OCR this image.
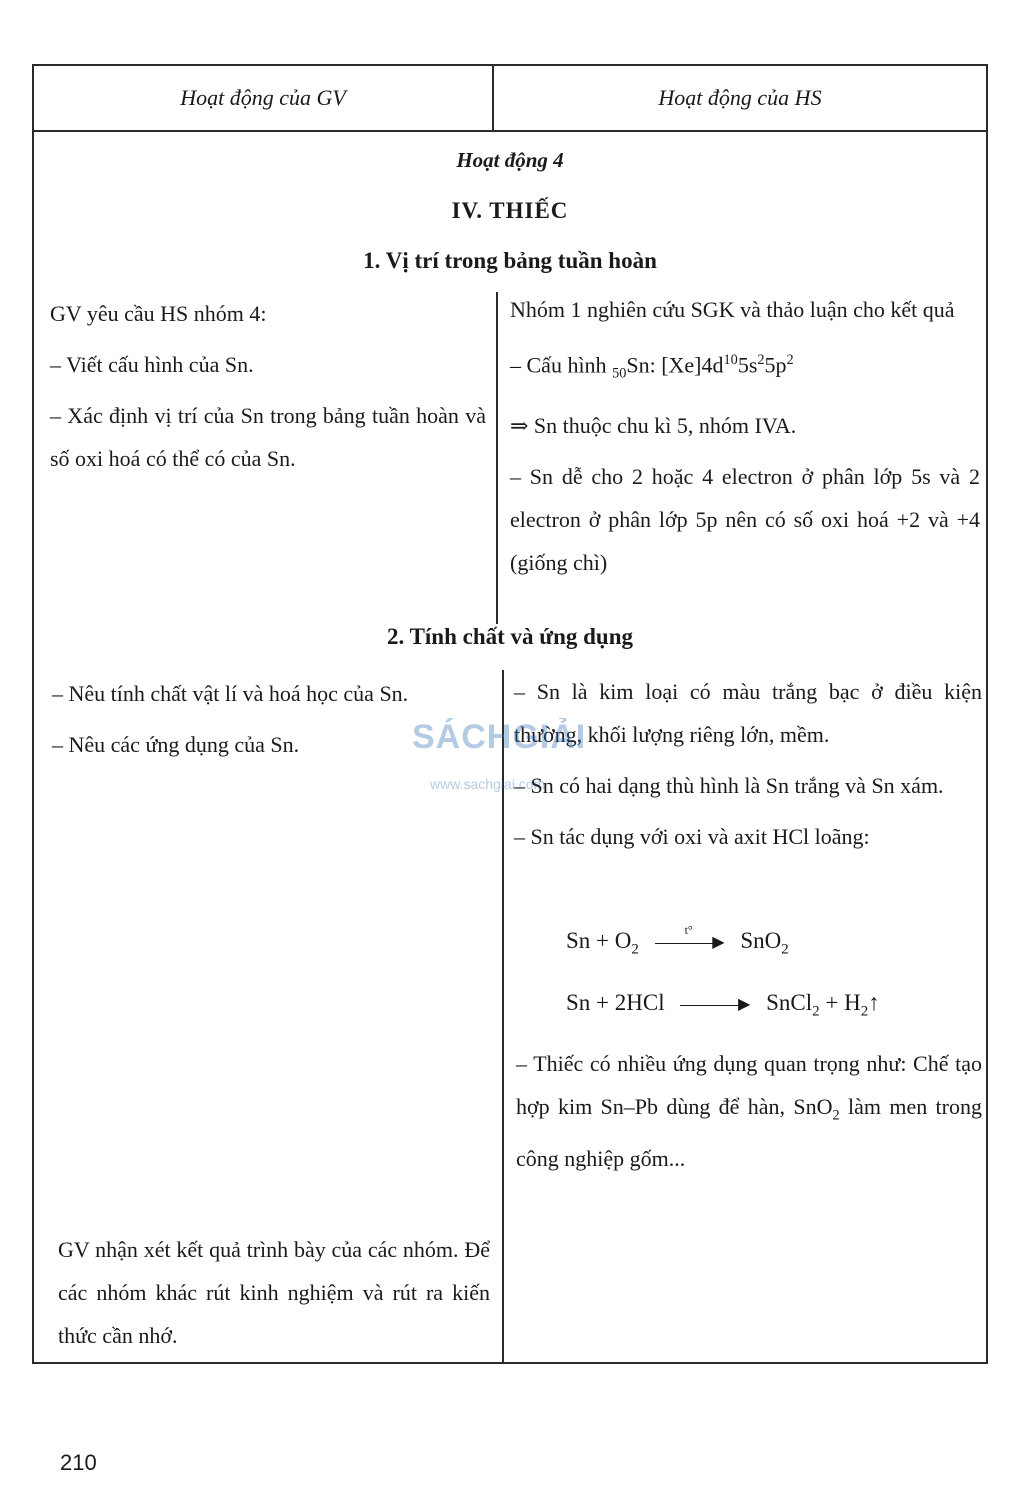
Hoạt động của GV	Hoạt động của HS
Hoạt động 4
IV. THIẾC
1. Vị trí trong bảng tuần hoàn

GV yêu cầu HS nhóm 4:

– Viết cấu hình của Sn.

– Xác định vị trí của Sn trong bảng tuần hoàn và số oxi hoá có thể có của Sn.

Nhóm 1 nghiên cứu SGK và thảo luận cho kết quả

– Cấu hình $_{50}$Sn: $[Xe]4d^{10}5s^25p^2$

⇒ Sn thuộc chu kì 5, nhóm IVA.

– Sn dễ cho 2 hoặc 4 electron ở phân lớp 5s và 2 electron ở phân lớp 5p nên có số oxi hoá +2 và +4 (giống chì)

2. Tính chất và ứng dụng

– Nêu tính chất vật lí và hoá học của Sn.

– Nêu các ứng dụng của Sn.

GV nhận xét kết quả trình bày của các nhóm. Để các nhóm khác rút kinh nghiệm và rút ra kiến thức cần nhớ.

– Sn là kim loại có màu trắng bạc ở điều kiện thường, khối lượng riêng lớn, mềm.

– Sn có hai dạng thù hình là Sn trắng và Sn xám.

– Sn tác dụng với oxi và axit HCl loãng:

$Sn + O_2$
t°
▶ SnO$_2$
Sn + 2HCl	▶ SnCl$_2$ + $H_2↑$

– Thiếc có nhiều ứng dụng quan trọng như: Chế tạo hợp kim Sn–Pb dùng để hàn, SnO$_2$ làm men trong công nghiệp gốm...

SÁCHGIẢI
www.sachgiai.com
210
